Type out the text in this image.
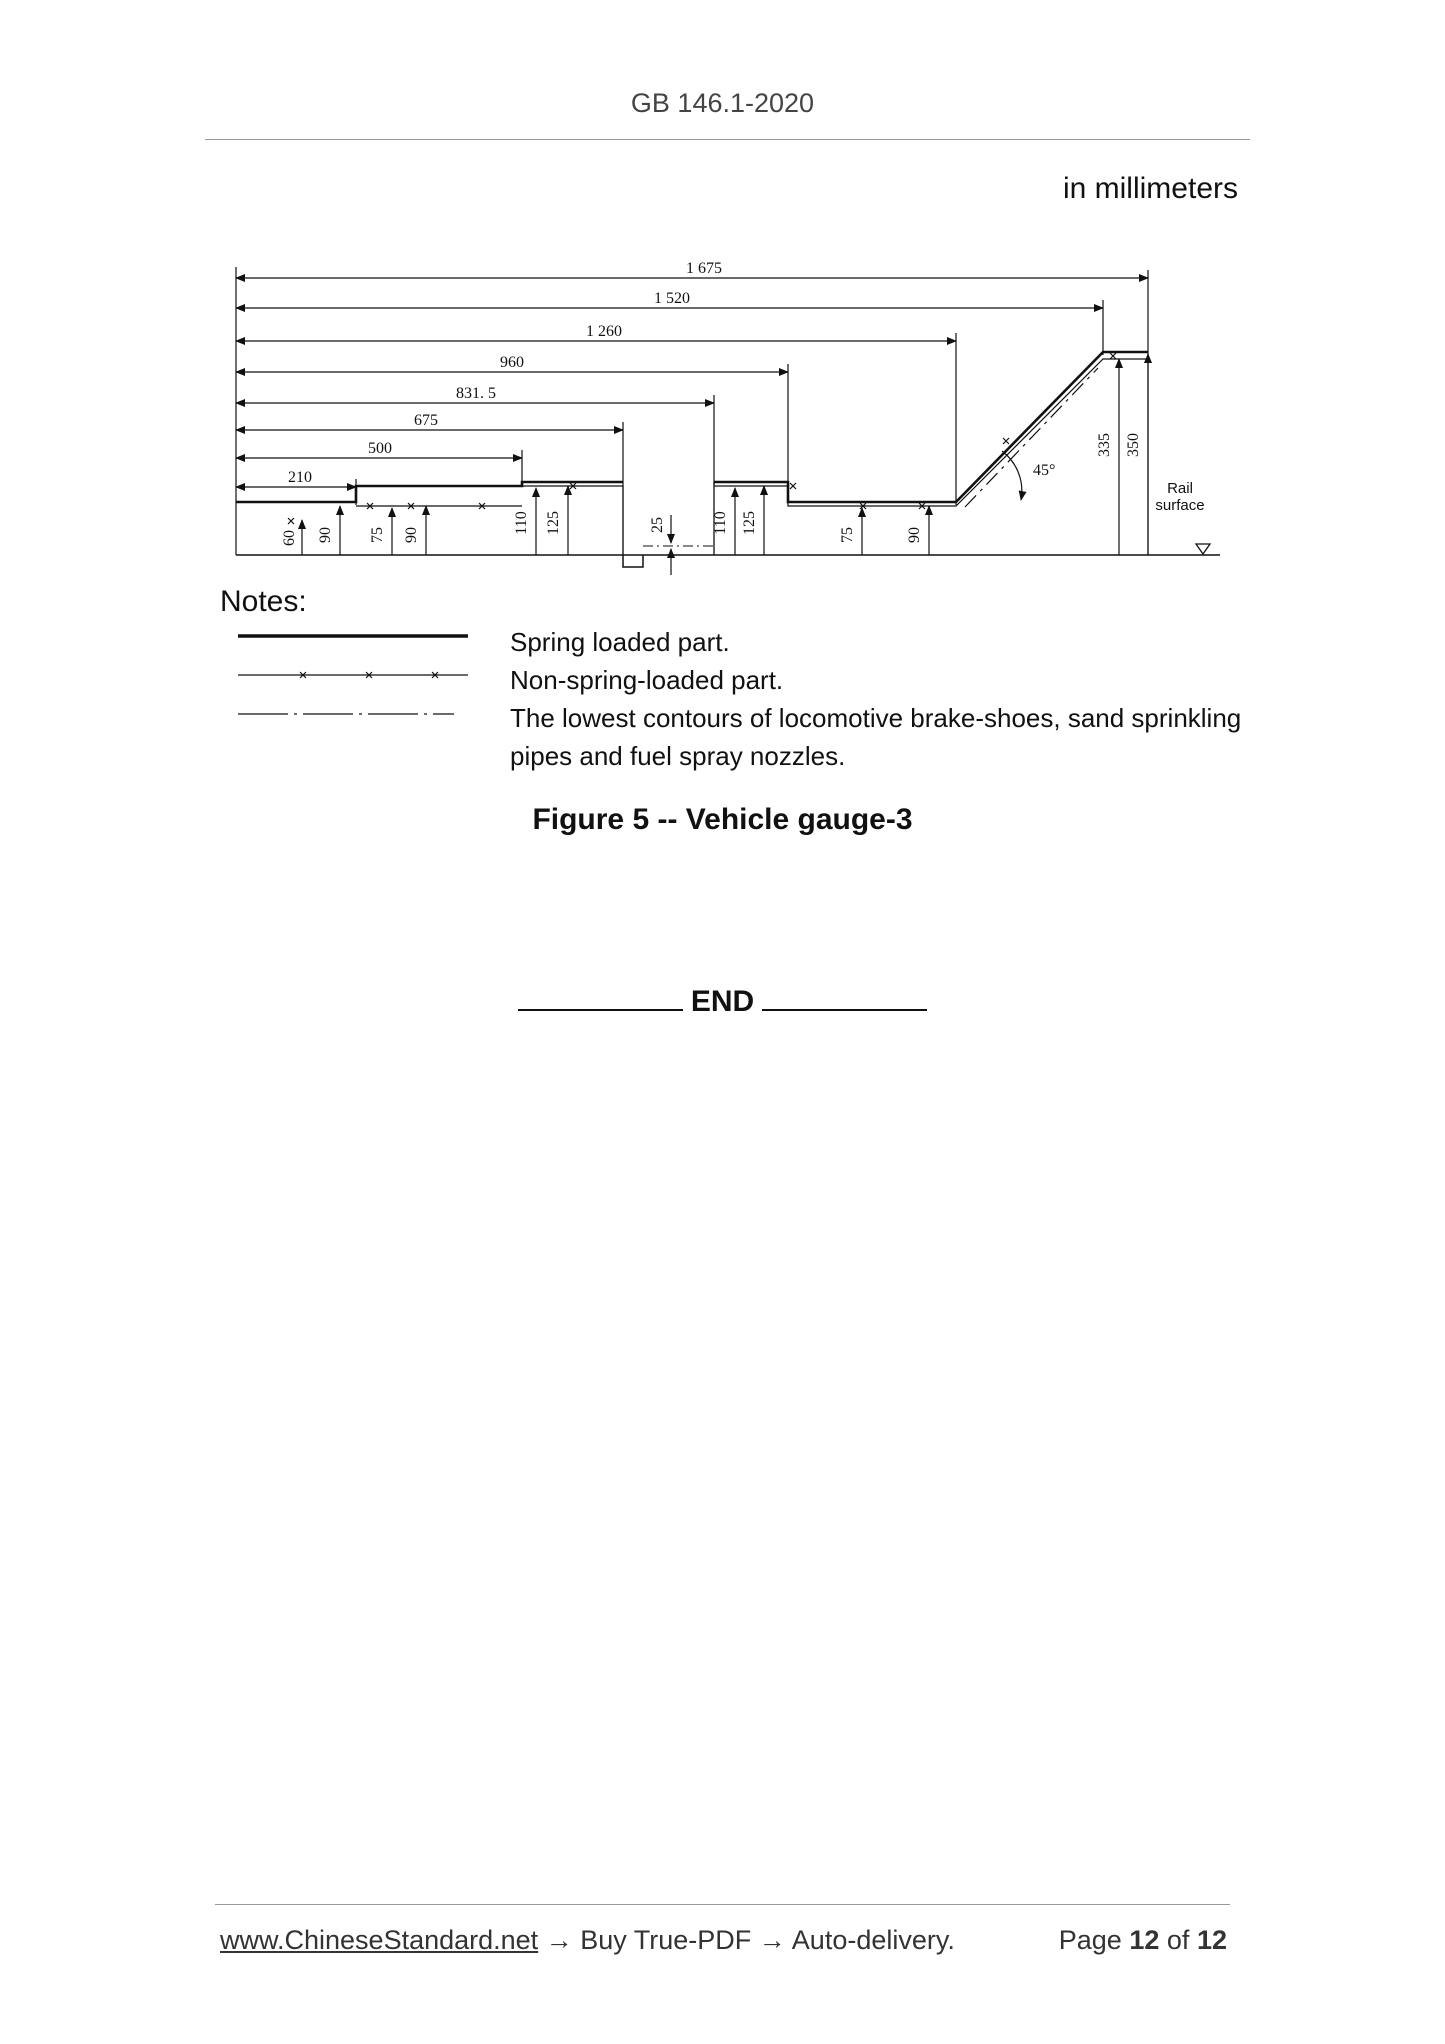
GB 146.1-2020
in millimeters
1 675
1 520
1 260
960
831. 5
675
500
210
Rail
surface
60 90 75 90
110 125	25	110 125	75	90
335 350
45°
Notes:
Spring loaded part.
Non-spring-loaded part.
The lowest contours of locomotive brake-shoes, sand sprinkling
pipes and fuel spray nozzles.
Figure 5 -- Vehicle gauge-3
END
www.ChineseStandard.net → Buy True-PDF → Auto-delivery.	Page 12 of 12
